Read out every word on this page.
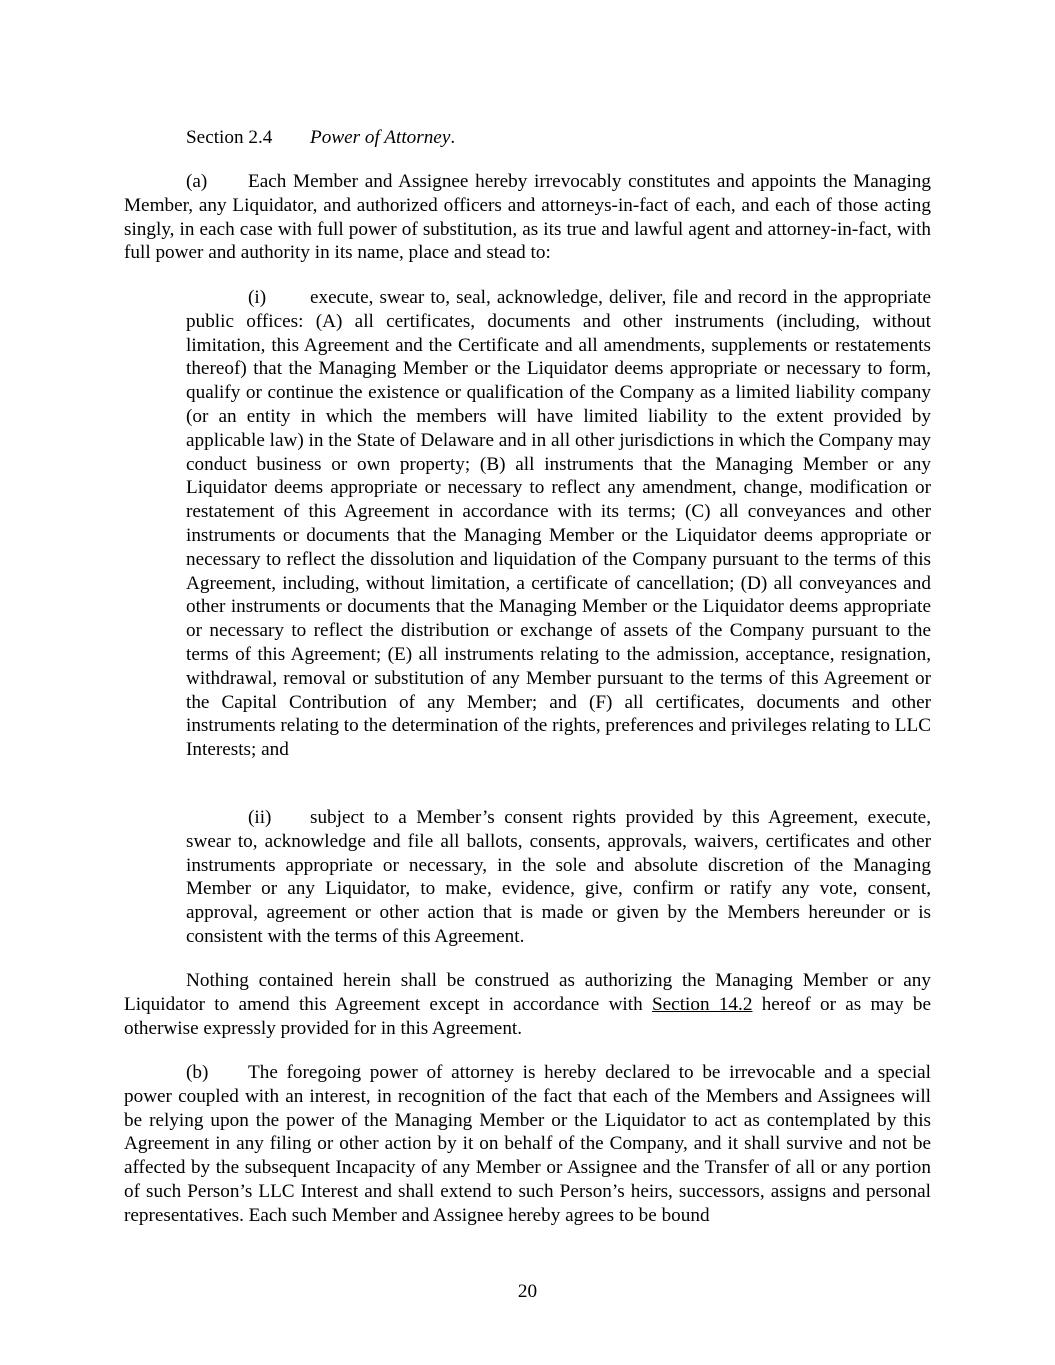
Section 2.4 Power of Attorney.

(a) Each Member and Assignee hereby irrevocably constitutes and appoints the Managing Member, any Liquidator, and authorized officers and attorneys-in-fact of each, and each of those acting singly, in each case with full power of substitution, as its true and lawful agent and attorney-in-fact, with full power and authority in its name, place and stead to:

(i) execute, swear to, seal, acknowledge, deliver, file and record in the appropriate public offices: (A) all certificates, documents and other instruments (including, without limitation, this Agreement and the Certificate and all amendments, supplements or restatements thereof) that the Managing Member or the Liquidator deems appropriate or necessary to form, qualify or continue the existence or qualification of the Company as a limited liability company (or an entity in which the members will have limited liability to the extent provided by applicable law) in the State of Delaware and in all other jurisdictions in which the Company may conduct business or own property; (B) all instruments that the Managing Member or any Liquidator deems appropriate or necessary to reflect any amendment, change, modification or restatement of this Agreement in accordance with its terms; (C) all conveyances and other instruments or documents that the Managing Member or the Liquidator deems appropriate or necessary to reflect the dissolution and liquidation of the Company pursuant to the terms of this Agreement, including, without limitation, a certificate of cancellation; (D) all conveyances and other instruments or documents that the Managing Member or the Liquidator deems appropriate or necessary to reflect the distribution or exchange of assets of the Company pursuant to the terms of this Agreement; (E) all instruments relating to the admission, acceptance, resignation, withdrawal, removal or substitution of any Member pursuant to the terms of this Agreement or the Capital Contribution of any Member; and (F) all certificates, documents and other instruments relating to the determination of the rights, preferences and privileges relating to LLC Interests; and

(ii) subject to a Member’s consent rights provided by this Agreement, execute, swear to, acknowledge and file all ballots, consents, approvals, waivers, certificates and other instruments appropriate or necessary, in the sole and absolute discretion of the Managing Member or any Liquidator, to make, evidence, give, confirm or ratify any vote, consent, approval, agreement or other action that is made or given by the Members hereunder or is consistent with the terms of this Agreement.

Nothing contained herein shall be construed as authorizing the Managing Member or any Liquidator to amend this Agreement except in accordance with Section 14.2 hereof or as may be otherwise expressly provided for in this Agreement.

(b) The foregoing power of attorney is hereby declared to be irrevocable and a special power coupled with an interest, in recognition of the fact that each of the Members and Assignees will be relying upon the power of the Managing Member or the Liquidator to act as contemplated by this Agreement in any filing or other action by it on behalf of the Company, and it shall survive and not be affected by the subsequent Incapacity of any Member or Assignee and the Transfer of all or any portion of such Person’s LLC Interest and shall extend to such Person’s heirs, successors, assigns and personal representatives. Each such Member and Assignee hereby agrees to be bound

20
